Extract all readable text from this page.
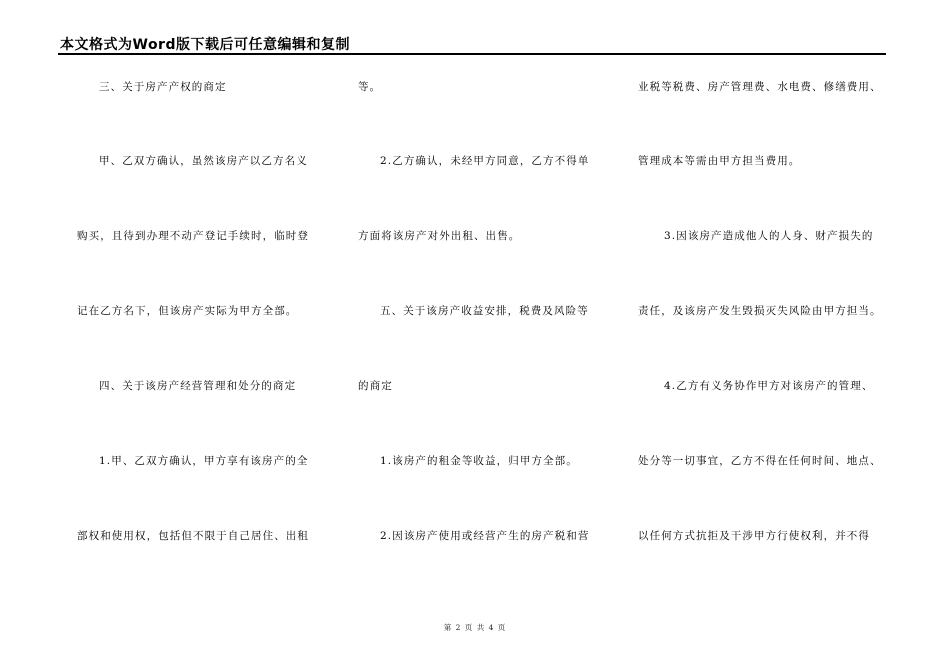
本文格式为Word版下载后可任意编辑和复制
三、关于房产产权的商定
甲、乙双方确认，虽然该房产以乙方名义
购买，且待到办理不动产登记手续时，临时登
记在乙方名下，但该房产实际为甲方全部。
四、关于该房产经营管理和处分的商定
1.甲、乙双方确认，甲方享有该房产的全
部权和使用权，包括但不限于自己居住、出租
等。
2.乙方确认，未经甲方同意，乙方不得单
方面将该房产对外出租、出售。
五、关于该房产收益安排，税费及风险等
的商定
1.该房产的租金等收益，归甲方全部。
2.因该房产使用或经营产生的房产税和营
业税等税费、房产管理费、水电费、修缮费用、
管理成本等需由甲方担当费用。
3.因该房产造成他人的人身、财产损失的
责任，及该房产发生毁损灭失风险由甲方担当。
4.乙方有义务协作甲方对该房产的管理、
处分等一切事宜，乙方不得在任何时间、地点、
以任何方式抗拒及干涉甲方行使权利，并不得
第 2 页 共 4 页
